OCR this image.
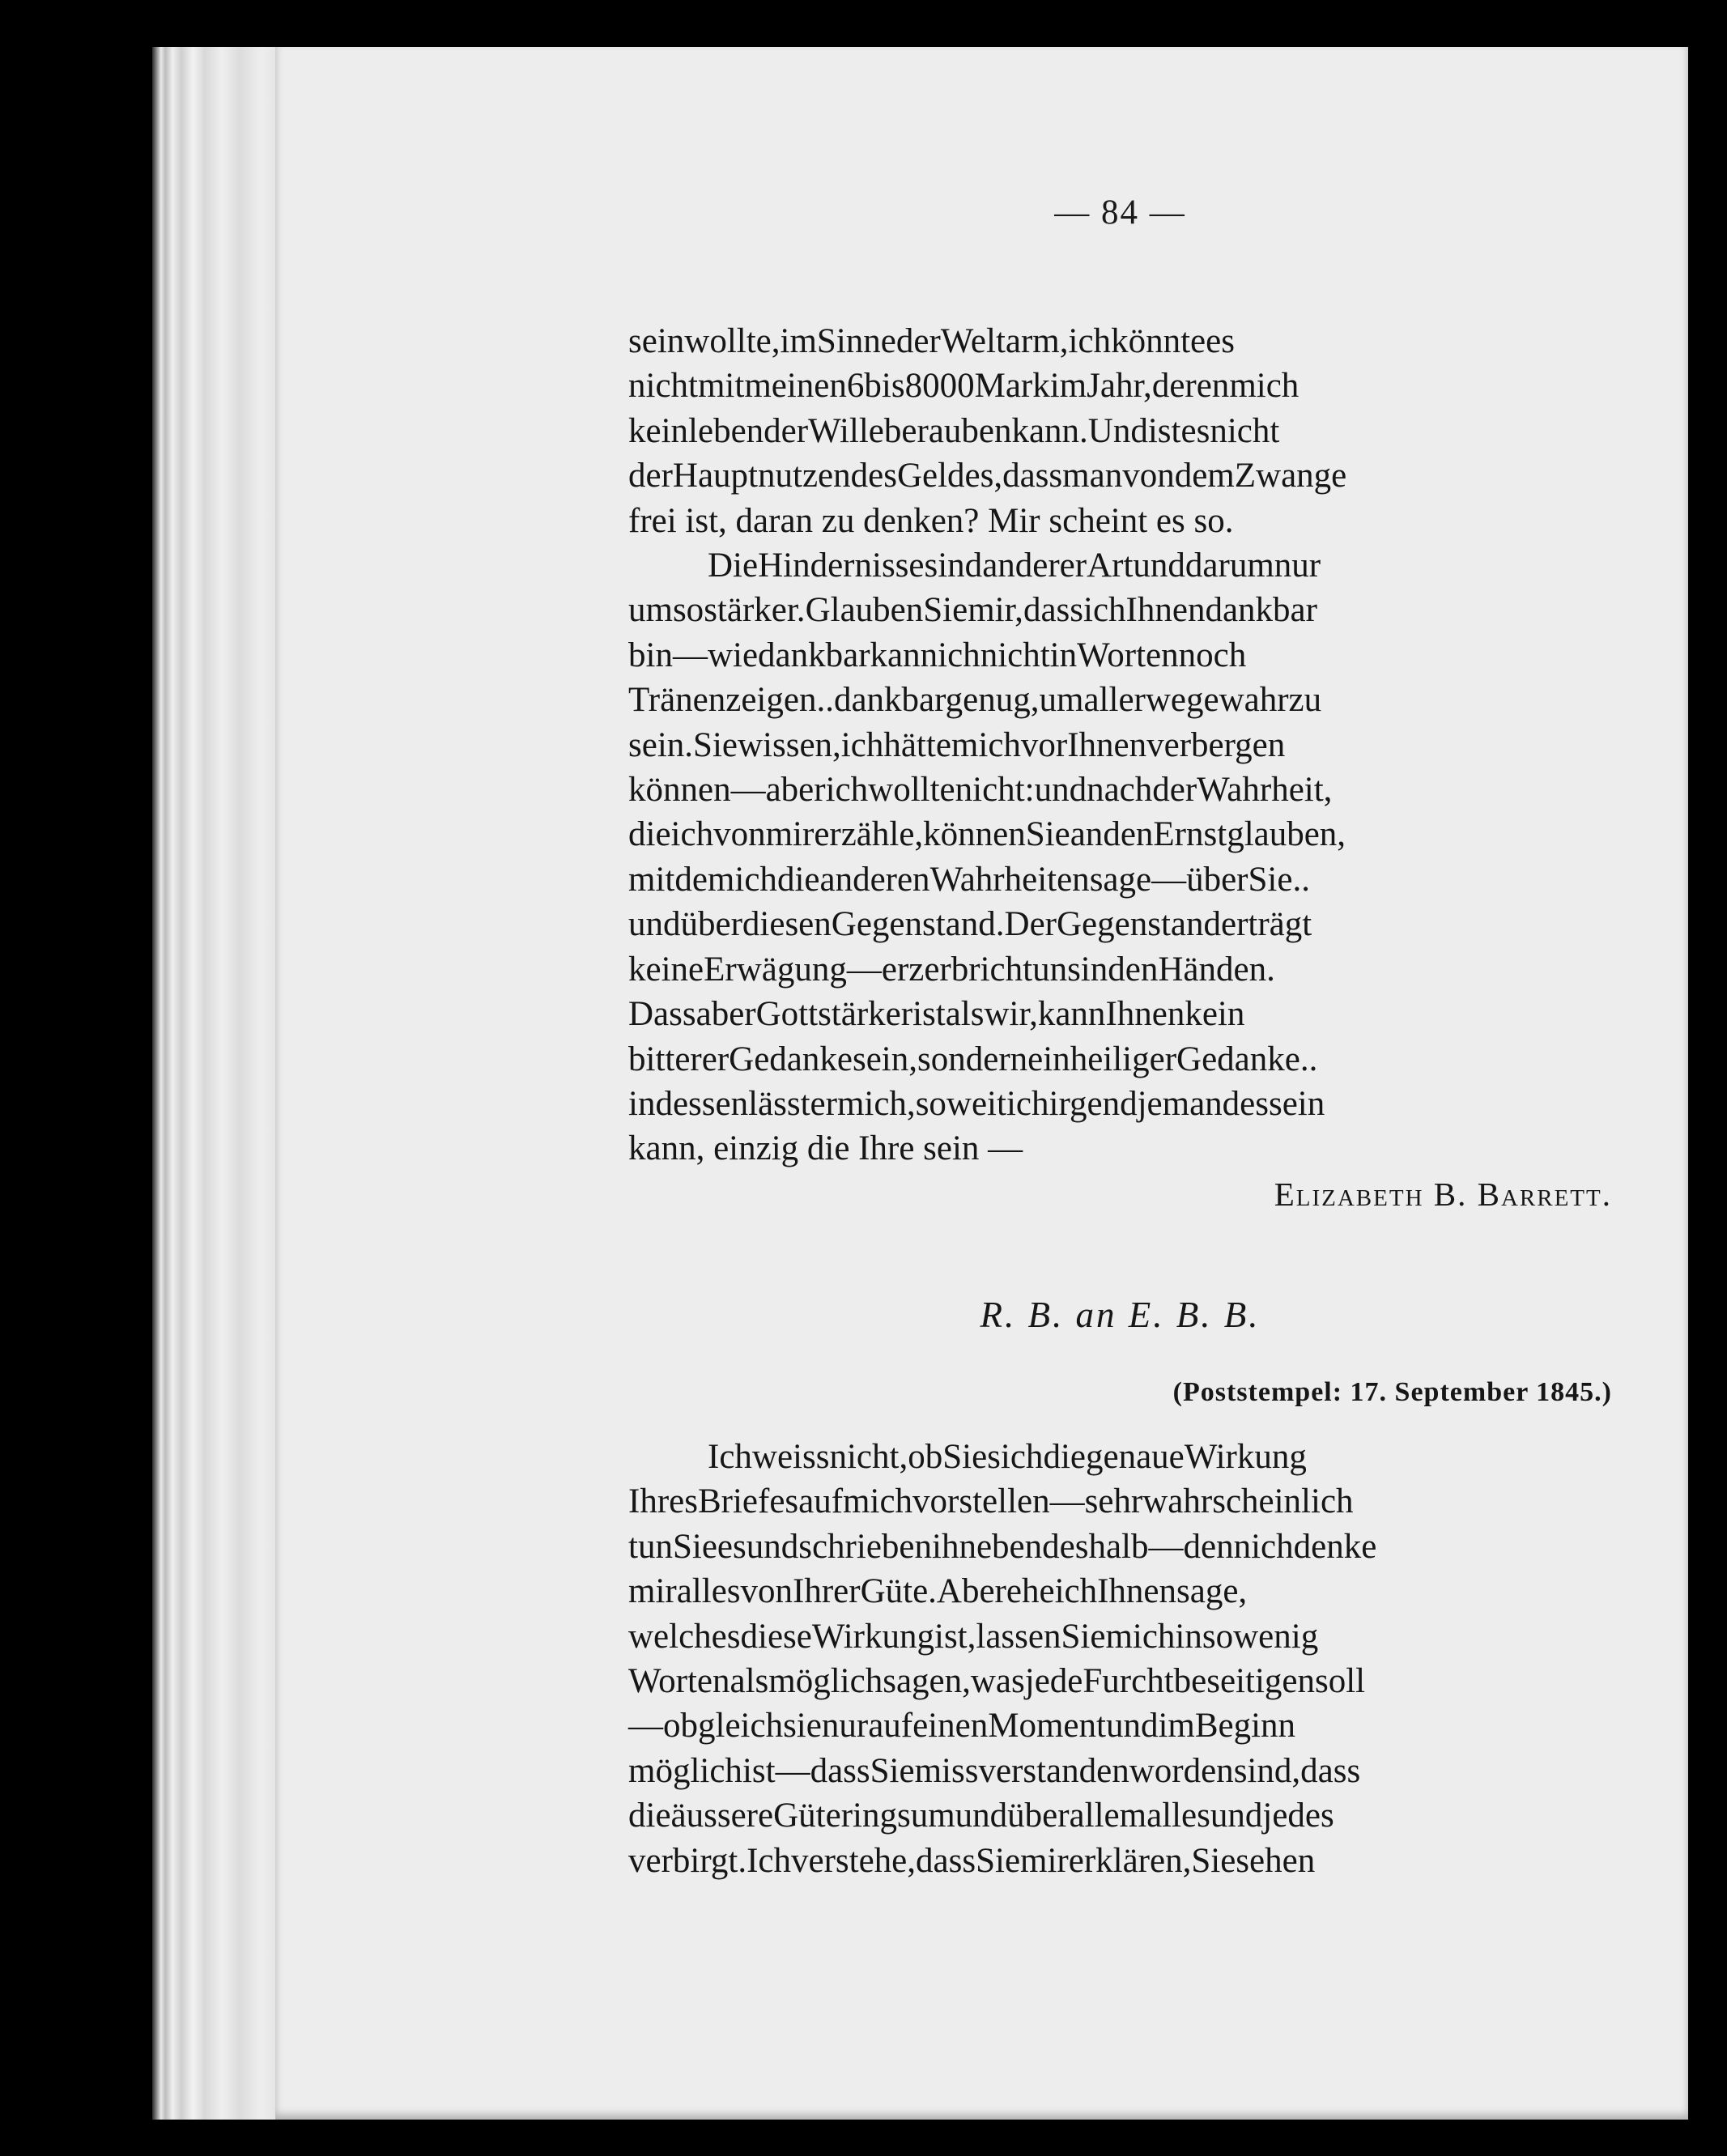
— 84 —
seinwollte,imSinnederWeltarm,ichkönntees
nichtmitmeinen6bis8000MarkimJahr,derenmich
keinlebenderWilleberaubenkann.Undistesnicht
derHauptnutzendesGeldes,dassmanvondemZwange
frei ist, daran zu denken? Mir scheint es so.
DieHindernissesindandererArtunddarumnur
umsostärker.GlaubenSiemir,dassichIhnendankbar
bin—wiedankbarkannichnichtinWortennoch
Tränenzeigen..dankbargenug,umallerwegewahrzu
sein.Siewissen,ichhättemichvorIhnenverbergen
können—aberichwolltenicht:undnachderWahrheit,
dieichvonmirerzähle,könnenSieandenErnstglauben,
mitdemichdieanderenWahrheitensage—überSie..
undüberdiesenGegenstand.DerGegenstanderträgt
keineErwägung—erzerbrichtunsindenHänden.
DassaberGottstärkeristalswir,kannIhnenkein
bittererGedankesein,sonderneinheiligerGedanke..
indessenlässtermich,soweitichirgendjemandessein
kann, einzig die Ihre sein —
Elizabeth B. Barrett.
R. B. an E. B. B.
(Poststempel: 17. September 1845.)
Ichweissnicht,obSiesichdiegenaueWirkung
IhresBriefesaufmichvorstellen—sehrwahrscheinlich
tunSieesundschriebenihnebendeshalb—dennichdenke
mirallesvonIhrerGüte.AbereheichIhnensage,
welchesdieseWirkungist,lassenSiemichinsowenig
Wortenalsmöglichsagen,wasjedeFurchtbeseitigensoll
—obgleichsienuraufeinenMomentundimBeginn
möglichist—dassSiemissverstandenwordensind,dass
dieäussereGüteringsumundüberallemallesundjedes
verbirgt.Ichverstehe,dassSiemirerklären,Siesehen
